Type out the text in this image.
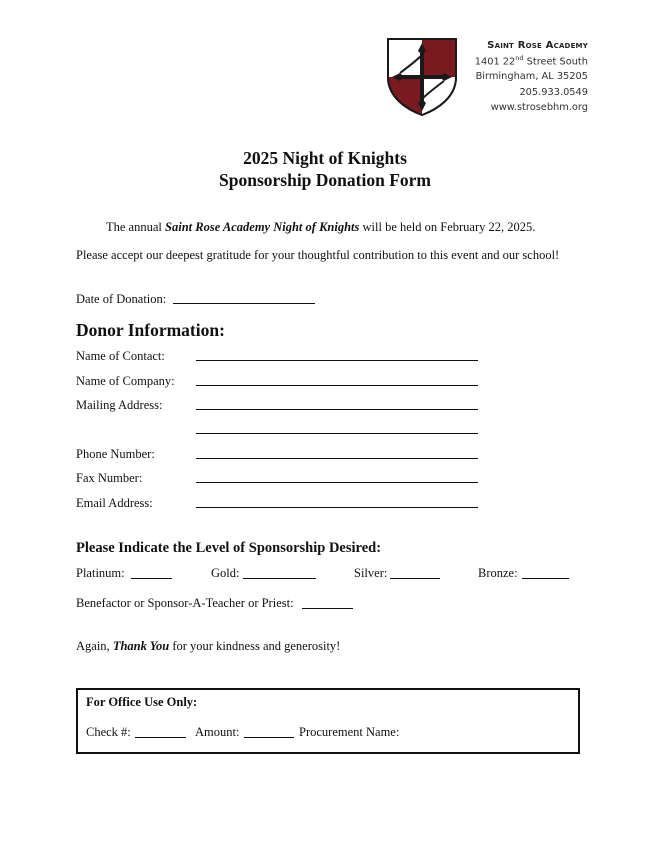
Saint Rose Academy
1401 22nd Street South
Birmingham, AL 35205
205.933.0549
www.strosebhm.org
2025 Night of Knights
Sponsorship Donation Form
The annual Saint Rose Academy Night of Knights will be held on February 22, 2025.
Please accept our deepest gratitude for your thoughtful contribution to this event and our school!
Date of Donation:
Donor Information:
Name of Contact:
Name of Company:
Mailing Address:
Phone Number:
Fax Number:
Email Address:
Please Indicate the Level of Sponsorship Desired:
Platinum:	Gold:	Silver:	Bronze:
Benefactor or Sponsor-A-Teacher or Priest:
Again, Thank You for your kindness and generosity!
For Office Use Only:
Check #:	Amount:	Procurement Name:
